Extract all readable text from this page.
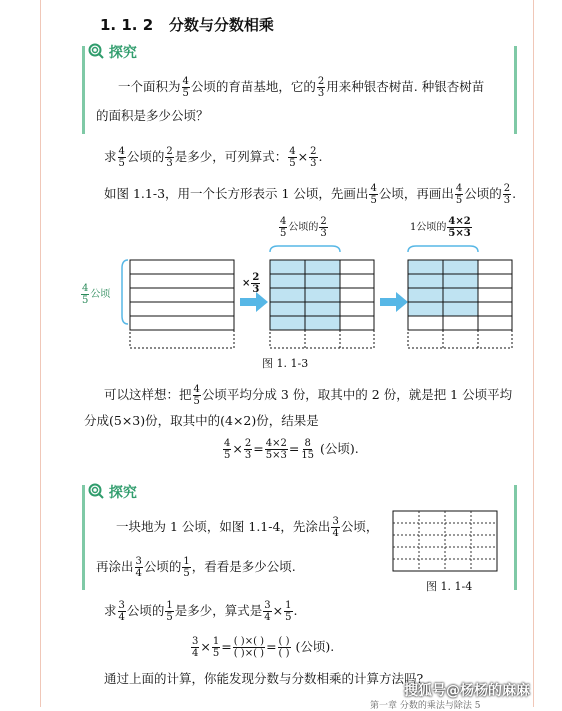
1. 1. 2 分数与分数相乘
探究
一个面积为 $\frac{4}{5}$ 公顷的育苗基地，它的 $\frac{2}{3}$ 用来种银杏树苗. 种银杏树苗
的面积是多少公顷？
求 $\frac{4}{5}$ 公顷的 $\frac{2}{3}$ 是多少，可列算式： $\frac{4}{5} \times \frac{2}{3}$ .
如图 1.1-3，用一个长方形表示 1 公顷，先画出 $\frac{4}{5}$ 公顷，再画出 $\frac{4}{5}$ 公顷的 $\frac{2}{3}$ .
$\frac{4}{5}$ 公顷
× $\frac{2}{3}$
$\frac{4}{5}$ 公顷的 $\frac{2}{3}$	1公顷的 $\frac{4\times 2}{5\times 3}$
图 1. 1-3
可以这样想：把 $\frac{4}{5}$ 公顷平均分成 3 份，取其中的 2 份，就是把 1 公顷平均
分成(5×3)份，取其中的(4×2)份，结果是
$\frac{4}{5} \times \frac{2}{3} = \frac{4\times 2}{5\times 3} = \frac{8}{15}$ (公顷).
探究
一块地为 1 公顷，如图 1.1-4，先涂出 $\frac{3}{4}$ 公顷，
再涂出 $\frac{3}{4}$ 公顷的 $\frac{1}{5}$ ，看看是多少公顷.
图 1. 1-4
求 $\frac{3}{4}$ 公顷的 $\frac{1}{5}$ 是多少，算式是 $\frac{3}{4} \times \frac{1}{5}$ .
$\frac{3}{4} \times \frac{1}{5} = \frac{( )\times( )}{( )\times( )} = \frac{( )}{( )}$ (公顷).
通过上面的计算，你能发现分数与分数相乘的计算方法吗?
搜狐号@杨杨的麻麻
第一章 分数的乘法与除法 5
